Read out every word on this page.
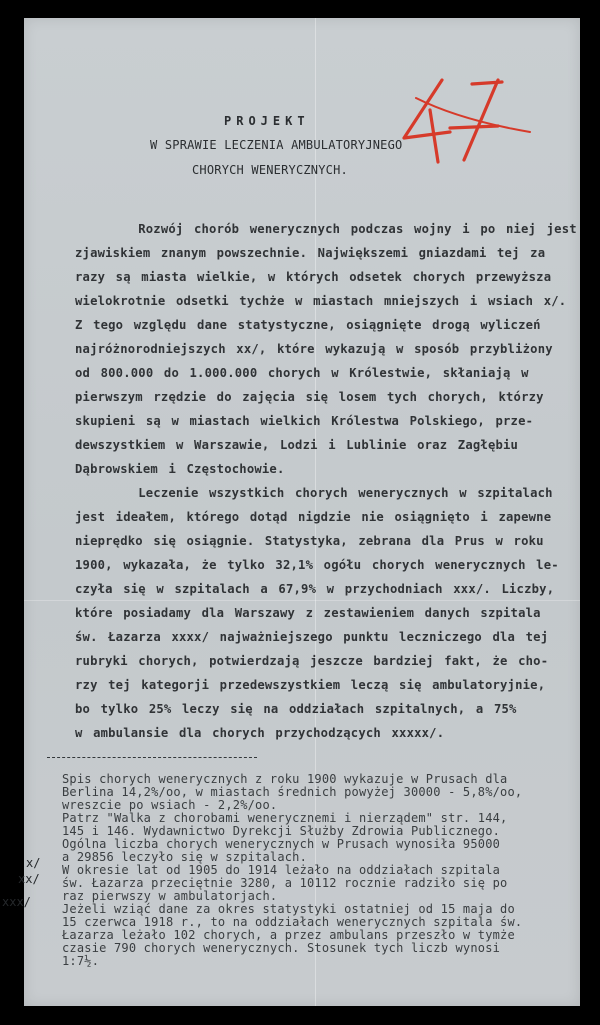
PROJEKT
W SPRAWIE LECZENIA AMBULATORYJNEGO
CHORYCH WENERYCZNYCH.
Rozwój chorób wenerycznych podczas wojny i po niej jest
zjawiskiem znanym powszechnie. Największemi gniazdami tej za
razy są miasta wielkie, w których odsetek chorych przewyższa
wielokrotnie odsetki tychże w miastach mniejszych i wsiach x/.
Z tego względu dane statystyczne, osiągnięte drogą wyliczeń
najróżnorodniejszych xx/, które wykazują w sposób przybliżony
od 800.000 do 1.000.000 chorych w Królestwie, skłaniają w
pierwszym rzędzie do zajęcia się losem tych chorych, którzy
skupieni są w miastach wielkich Królestwa Polskiego, prze-
dewszystkiem w Warszawie, Lodzi i Lublinie oraz Zagłębiu
Dąbrowskiem i Częstochowie.
Leczenie wszystkich chorych wenerycznych w szpitalach
jest ideałem, którego dotąd nigdzie nie osiągnięto i zapewne
nieprędko się osiągnie. Statystyka, zebrana dla Prus w roku
1900, wykazała, że tylko 32,1% ogółu chorych wenerycznych le-
czyła się w szpitalach a 67,9% w przychodniach xxx/. Liczby,
które posiadamy dla Warszawy z zestawieniem danych szpitala
św. Łazarza xxxx/ najważniejszego punktu leczniczego dla tej
rubryki chorych, potwierdzają jeszcze bardziej fakt, że cho-
rzy tej kategorji przedewszystkiem leczą się ambulatoryjnie,
bo tylko 25% leczy się na oddziałach szpitalnych, a 75%
w ambulansie dla chorych przychodzących xxxxx/.
x/
xx/
xxx/
Spis chorych wenerycznych z roku 1900 wykazuje w Prusach dla
Berlina 14,2%/oo, w miastach średnich powyżej 30000 - 5,8%/oo,
wreszcie po wsiach - 2,2%/oo.
Patrz "Walka z chorobami wenerycznemi i nierządem" str. 144,
145 i 146. Wydawnictwo Dyrekcji Służby Zdrowia Publicznego.
Ogólna liczba chorych wenerycznych w Prusach wynosiła 95000
a 29856 leczyło się w szpitalach.
W okresie lat od 1905 do 1914 leżało na oddziałach szpitala
św. Łazarza przeciętnie 3280, a 10112 rocznie radziło się po
raz pierwszy w ambulatorjach.
Jeżeli wziąć dane za okres statystyki ostatniej od 15 maja do
15 czerwca 1918 r., to na oddziałach wenerycznych szpitala św.
Łazarza leżało 102 chorych, a przez ambulans przeszło w tymże
czasie 790 chorych wenerycznych. Stosunek tych liczb wynosi
1:7½.
